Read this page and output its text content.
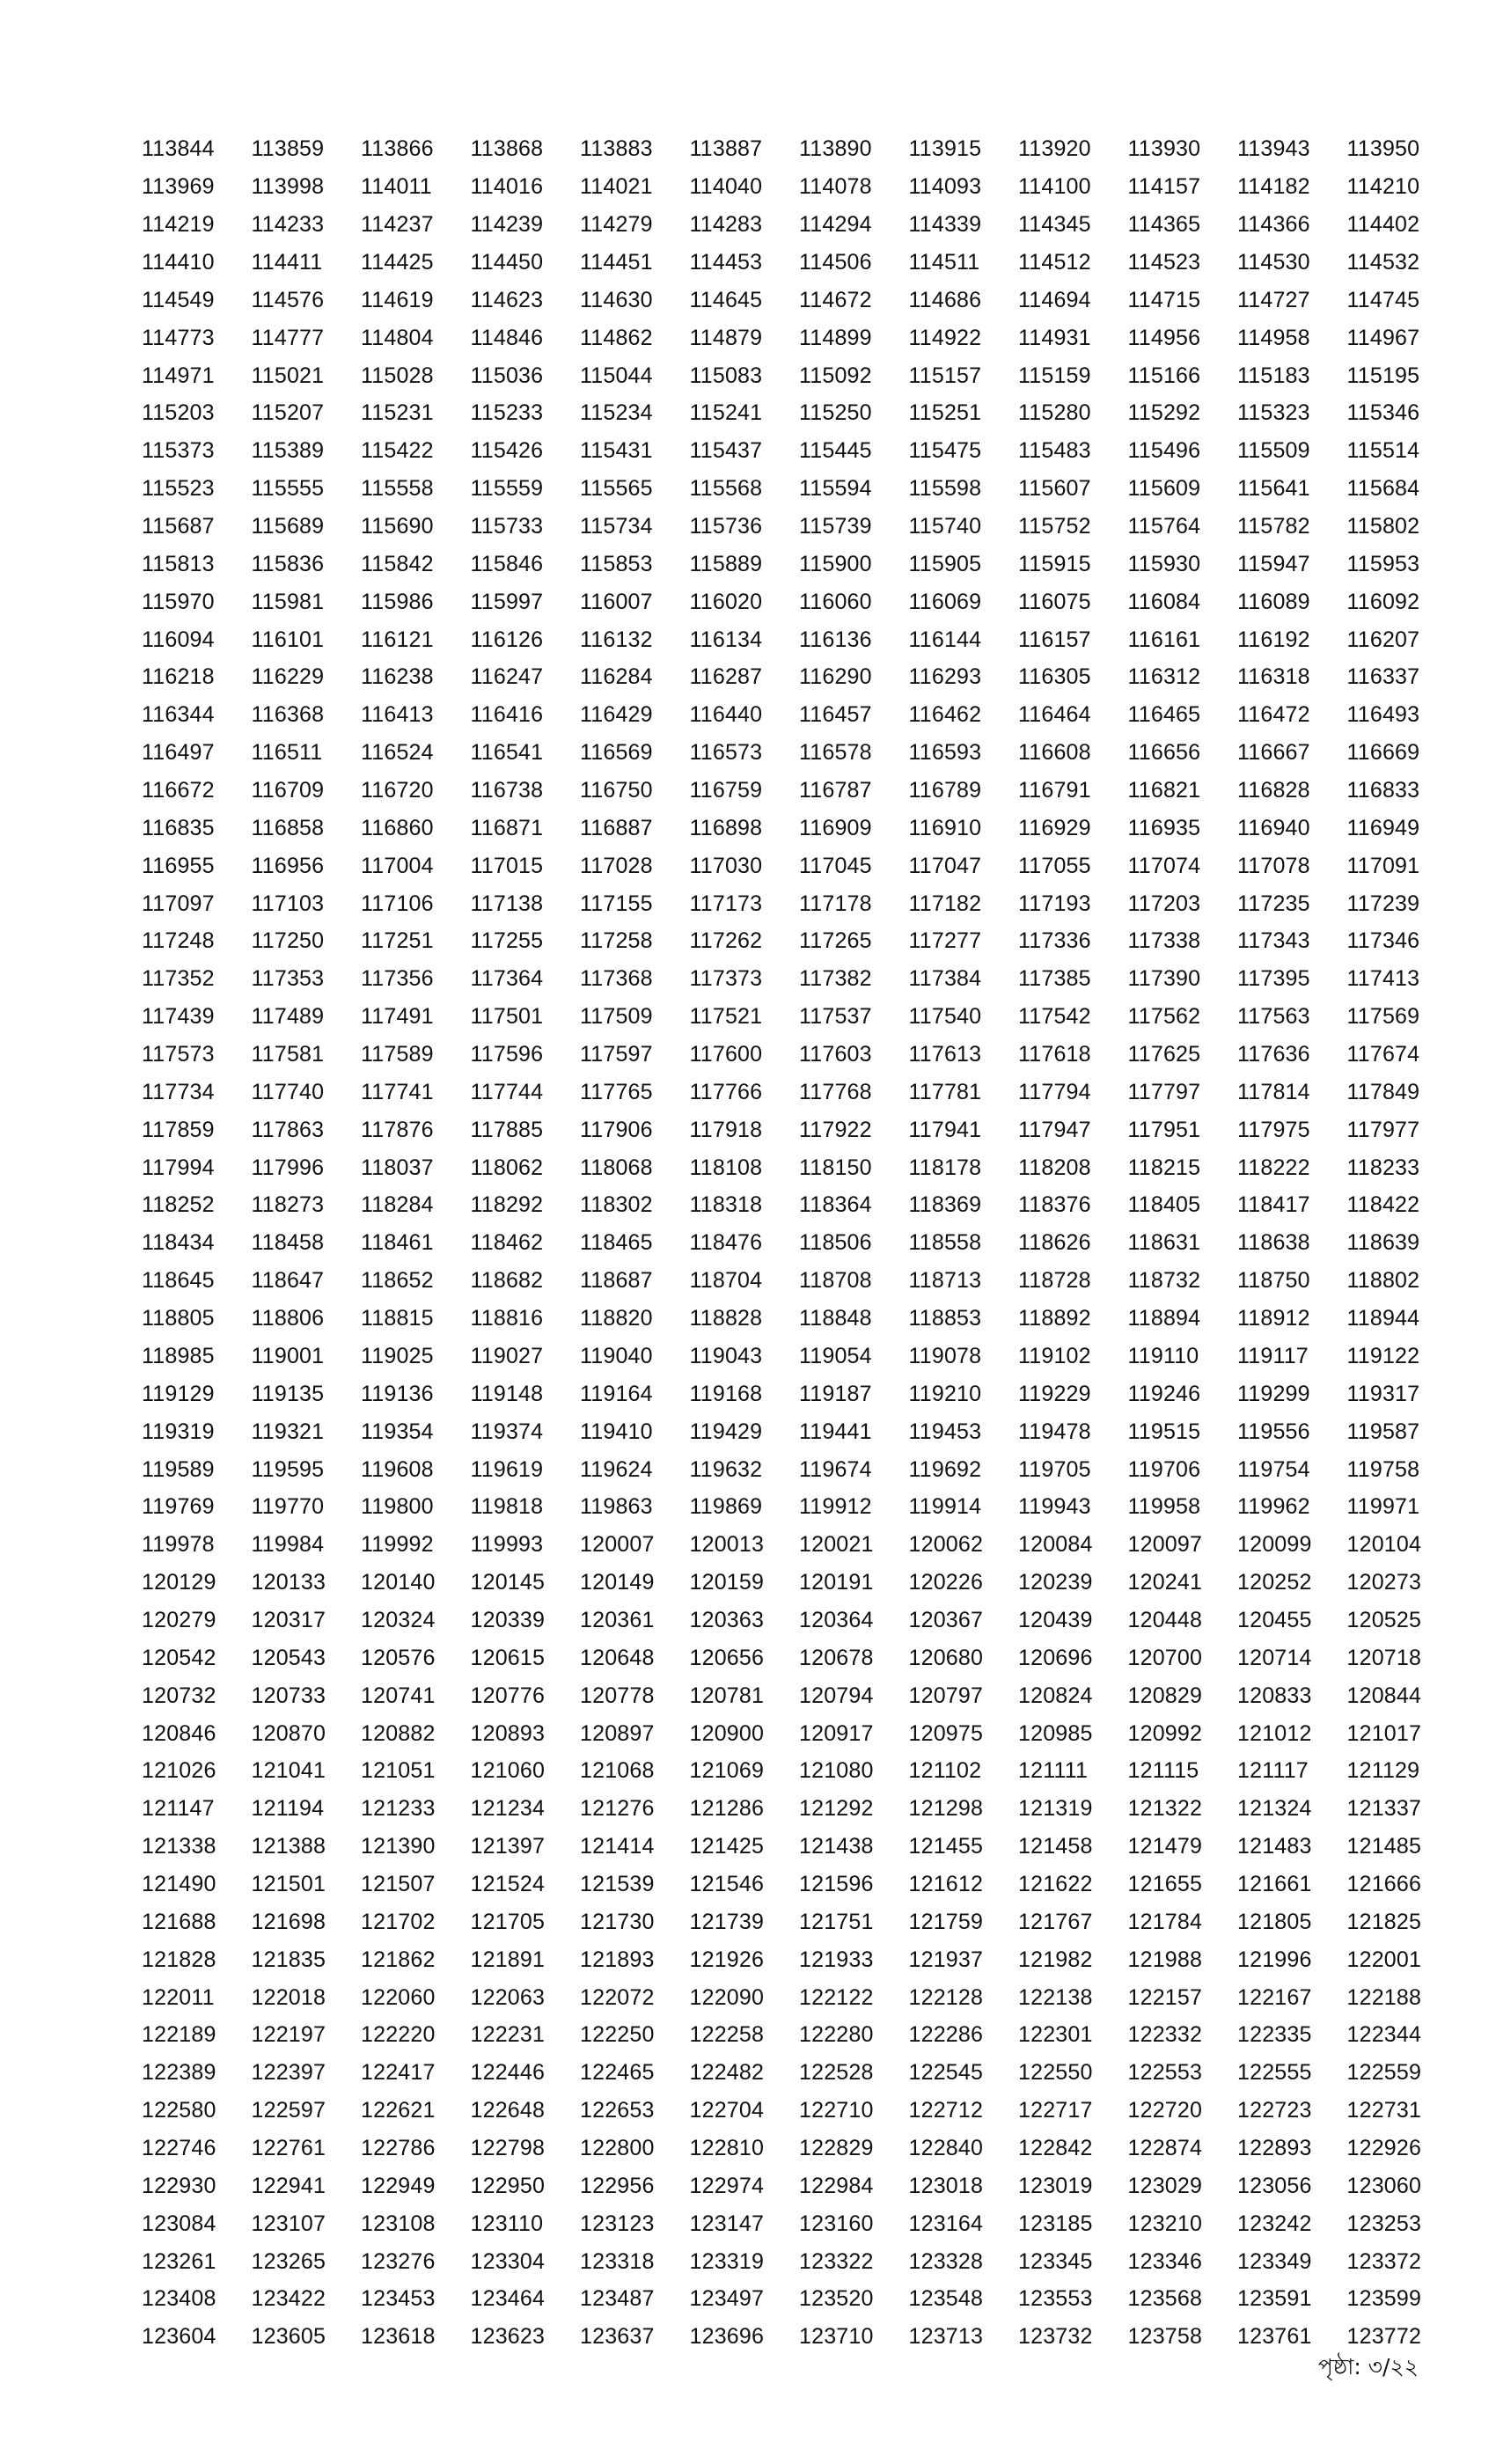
113844	113859	113866	113868	113883	113887	113890	113915	113920	113930	113943	113950
113969	113998	114011	114016	114021	114040	114078	114093	114100	114157	114182	114210
114219	114233	114237	114239	114279	114283	114294	114339	114345	114365	114366	114402
114410	114411	114425	114450	114451	114453	114506	114511	114512	114523	114530	114532
114549	114576	114619	114623	114630	114645	114672	114686	114694	114715	114727	114745
114773	114777	114804	114846	114862	114879	114899	114922	114931	114956	114958	114967
114971	115021	115028	115036	115044	115083	115092	115157	115159	115166	115183	115195
115203	115207	115231	115233	115234	115241	115250	115251	115280	115292	115323	115346
115373	115389	115422	115426	115431	115437	115445	115475	115483	115496	115509	115514
115523	115555	115558	115559	115565	115568	115594	115598	115607	115609	115641	115684
115687	115689	115690	115733	115734	115736	115739	115740	115752	115764	115782	115802
115813	115836	115842	115846	115853	115889	115900	115905	115915	115930	115947	115953
115970	115981	115986	115997	116007	116020	116060	116069	116075	116084	116089	116092
116094	116101	116121	116126	116132	116134	116136	116144	116157	116161	116192	116207
116218	116229	116238	116247	116284	116287	116290	116293	116305	116312	116318	116337
116344	116368	116413	116416	116429	116440	116457	116462	116464	116465	116472	116493
116497	116511	116524	116541	116569	116573	116578	116593	116608	116656	116667	116669
116672	116709	116720	116738	116750	116759	116787	116789	116791	116821	116828	116833
116835	116858	116860	116871	116887	116898	116909	116910	116929	116935	116940	116949
116955	116956	117004	117015	117028	117030	117045	117047	117055	117074	117078	117091
117097	117103	117106	117138	117155	117173	117178	117182	117193	117203	117235	117239
117248	117250	117251	117255	117258	117262	117265	117277	117336	117338	117343	117346
117352	117353	117356	117364	117368	117373	117382	117384	117385	117390	117395	117413
117439	117489	117491	117501	117509	117521	117537	117540	117542	117562	117563	117569
117573	117581	117589	117596	117597	117600	117603	117613	117618	117625	117636	117674
117734	117740	117741	117744	117765	117766	117768	117781	117794	117797	117814	117849
117859	117863	117876	117885	117906	117918	117922	117941	117947	117951	117975	117977
117994	117996	118037	118062	118068	118108	118150	118178	118208	118215	118222	118233
118252	118273	118284	118292	118302	118318	118364	118369	118376	118405	118417	118422
118434	118458	118461	118462	118465	118476	118506	118558	118626	118631	118638	118639
118645	118647	118652	118682	118687	118704	118708	118713	118728	118732	118750	118802
118805	118806	118815	118816	118820	118828	118848	118853	118892	118894	118912	118944
118985	119001	119025	119027	119040	119043	119054	119078	119102	119110	119117	119122
119129	119135	119136	119148	119164	119168	119187	119210	119229	119246	119299	119317
119319	119321	119354	119374	119410	119429	119441	119453	119478	119515	119556	119587
119589	119595	119608	119619	119624	119632	119674	119692	119705	119706	119754	119758
119769	119770	119800	119818	119863	119869	119912	119914	119943	119958	119962	119971
119978	119984	119992	119993	120007	120013	120021	120062	120084	120097	120099	120104
120129	120133	120140	120145	120149	120159	120191	120226	120239	120241	120252	120273
120279	120317	120324	120339	120361	120363	120364	120367	120439	120448	120455	120525
120542	120543	120576	120615	120648	120656	120678	120680	120696	120700	120714	120718
120732	120733	120741	120776	120778	120781	120794	120797	120824	120829	120833	120844
120846	120870	120882	120893	120897	120900	120917	120975	120985	120992	121012	121017
121026	121041	121051	121060	121068	121069	121080	121102	121111	121115	121117	121129
121147	121194	121233	121234	121276	121286	121292	121298	121319	121322	121324	121337
121338	121388	121390	121397	121414	121425	121438	121455	121458	121479	121483	121485
121490	121501	121507	121524	121539	121546	121596	121612	121622	121655	121661	121666
121688	121698	121702	121705	121730	121739	121751	121759	121767	121784	121805	121825
121828	121835	121862	121891	121893	121926	121933	121937	121982	121988	121996	122001
122011	122018	122060	122063	122072	122090	122122	122128	122138	122157	122167	122188
122189	122197	122220	122231	122250	122258	122280	122286	122301	122332	122335	122344
122389	122397	122417	122446	122465	122482	122528	122545	122550	122553	122555	122559
122580	122597	122621	122648	122653	122704	122710	122712	122717	122720	122723	122731
122746	122761	122786	122798	122800	122810	122829	122840	122842	122874	122893	122926
122930	122941	122949	122950	122956	122974	122984	123018	123019	123029	123056	123060
123084	123107	123108	123110	123123	123147	123160	123164	123185	123210	123242	123253
123261	123265	123276	123304	123318	123319	123322	123328	123345	123346	123349	123372
123408	123422	123453	123464	123487	123497	123520	123548	123553	123568	123591	123599
123604	123605	123618	123623	123637	123696	123710	123713	123732	123758	123761	123772
পৃষ্ঠা: ৩/২২
